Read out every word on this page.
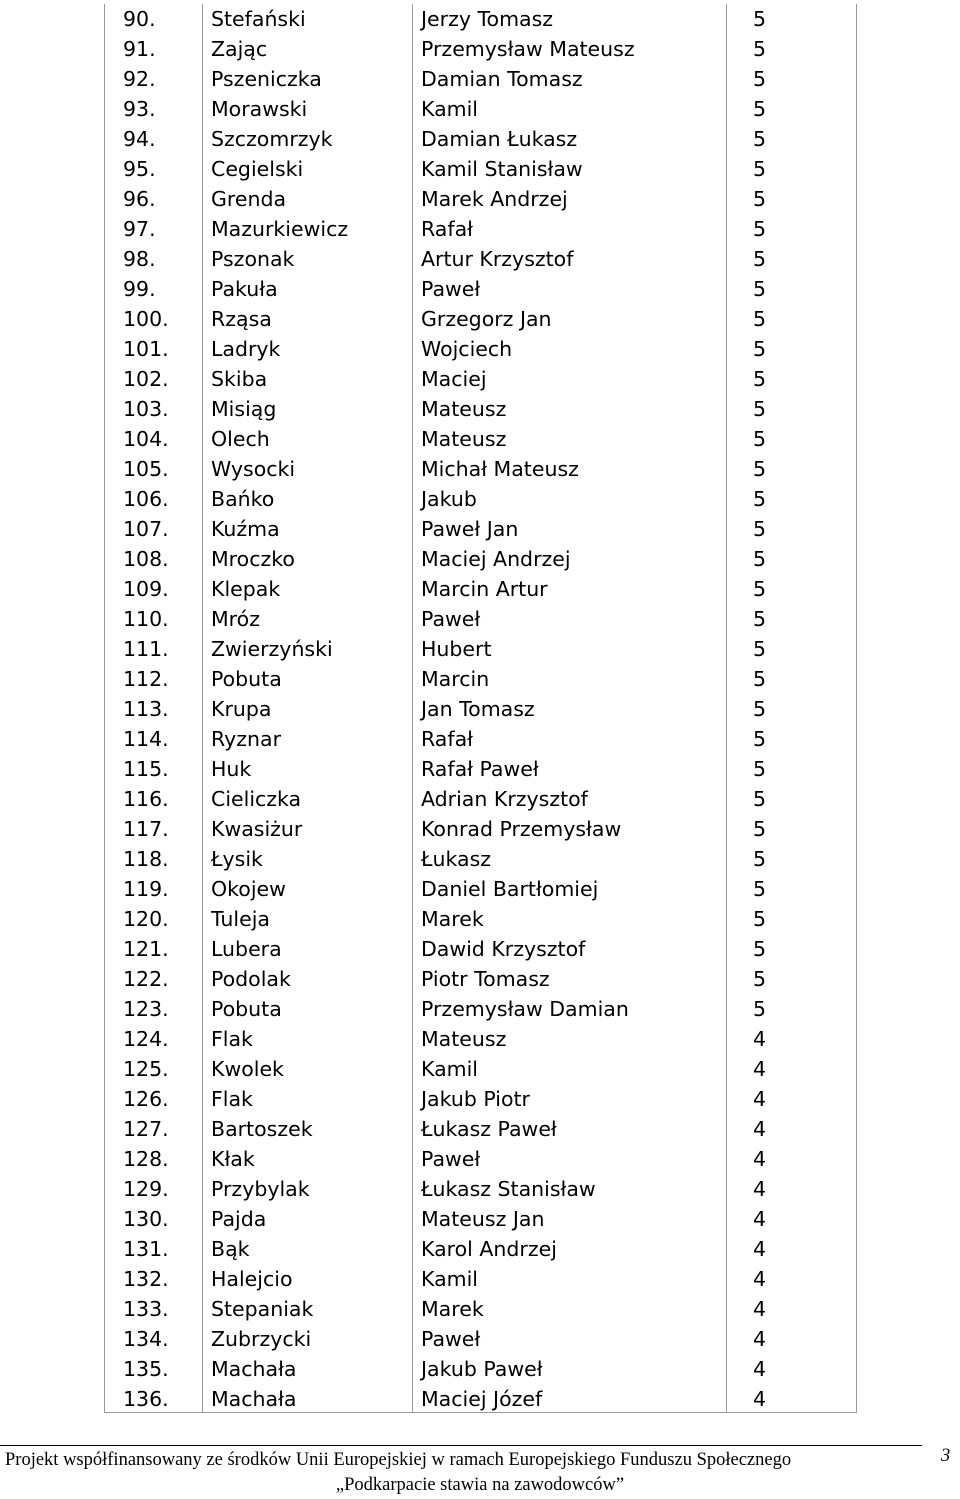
90.	Stefański	Jerzy Tomasz	5
91.	Zając	Przemysław Mateusz	5
92.	Pszeniczka	Damian Tomasz	5
93.	Morawski	Kamil	5
94.	Szczomrzyk	Damian Łukasz	5
95.	Cegielski	Kamil Stanisław	5
96.	Grenda	Marek Andrzej	5
97.	Mazurkiewicz	Rafał	5
98.	Pszonak	Artur Krzysztof	5
99.	Pakuła	Paweł	5
100. Rząsa	Grzegorz Jan	5
101. Ladryk	Wojciech	5
102. Skiba	Maciej	5
103. Misiąg	Mateusz	5
104. Olech	Mateusz	5
105. Wysocki	Michał Mateusz	5
106. Bańko	Jakub	5
107. Kuźma	Paweł Jan	5
108. Mroczko	Maciej Andrzej	5
109. Klepak	Marcin Artur	5
110. Mróz	Paweł	5
111. Zwierzyński	Hubert	5
112. Pobuta	Marcin	5
113. Krupa	Jan Tomasz	5
114. Ryznar	Rafał	5
115. Huk	Rafał Paweł	5
116. Cieliczka	Adrian Krzysztof	5
117. Kwasiżur	Konrad Przemysław	5
118. Łysik	Łukasz	5
119. Okojew	Daniel Bartłomiej	5
120. Tuleja	Marek	5
121. Lubera	Dawid Krzysztof	5
122. Podolak	Piotr Tomasz	5
123. Pobuta	Przemysław Damian	5
124. Flak	Mateusz	4
125. Kwolek	Kamil	4
126. Flak	Jakub Piotr	4
127. Bartoszek	Łukasz Paweł	4
128. Kłak	Paweł	4
129. Przybylak	Łukasz Stanisław	4
130. Pajda	Mateusz Jan	4
131. Bąk	Karol Andrzej	4
132. Halejcio	Kamil	4
133. Stepaniak	Marek	4
134. Zubrzycki	Paweł	4
135. Machała	Jakub Paweł	4
136. Machała	Maciej Józef	4
Projekt współfinansowany ze środków Unii Europejskiej w ramach Europejskiego Funduszu Społecznego	3
„Podkarpacie stawia na zawodowców”
